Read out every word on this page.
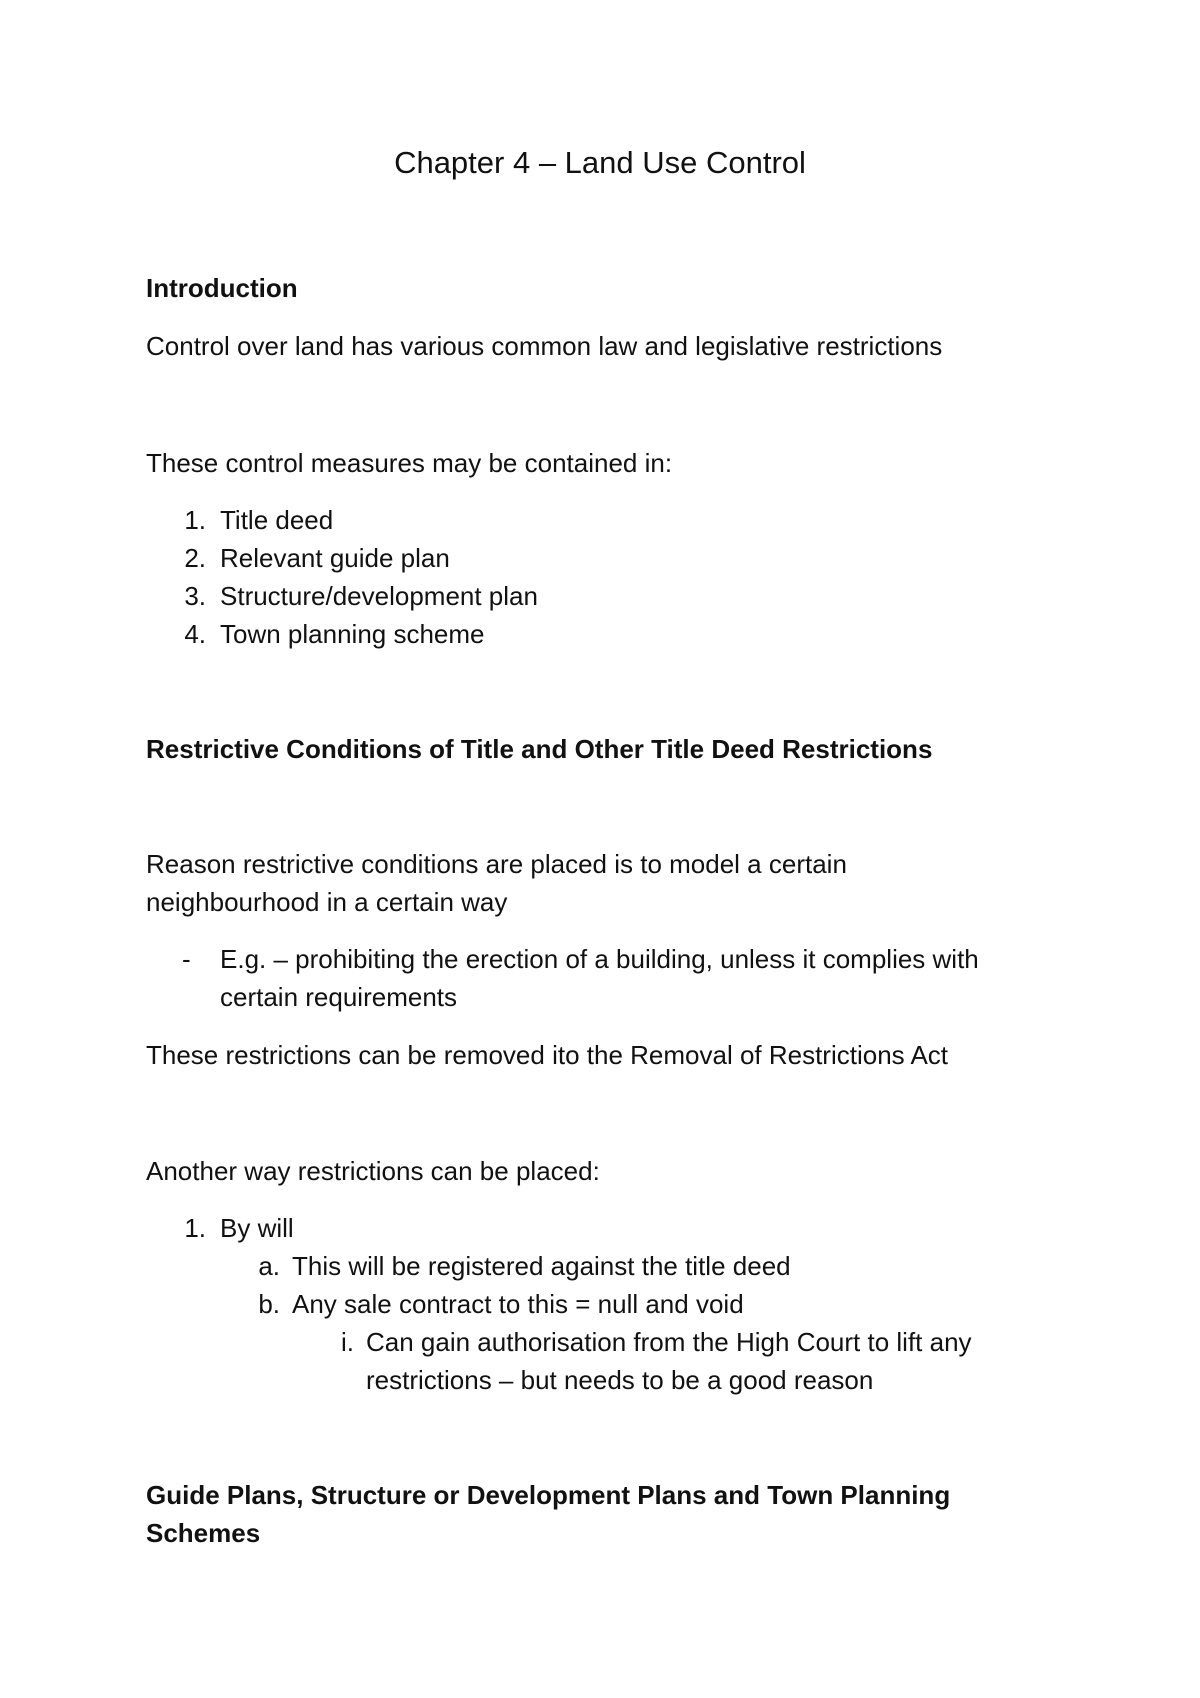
Chapter 4 – Land Use Control
Introduction
Control over land has various common law and legislative restrictions
These control measures may be contained in:
1. Title deed
2. Relevant guide plan
3. Structure/development plan
4. Town planning scheme
Restrictive Conditions of Title and Other Title Deed Restrictions
Reason restrictive conditions are placed is to model a certain
neighbourhood in a certain way
- E.g. – prohibiting the erection of a building, unless it complies with
certain requirements
These restrictions can be removed ito the Removal of Restrictions Act
Another way restrictions can be placed:
1. By will
a. This will be registered against the title deed
b. Any sale contract to this = null and void
i. Can gain authorisation from the High Court to lift any
restrictions – but needs to be a good reason
Guide Plans, Structure or Development Plans and Town Planning
Schemes
